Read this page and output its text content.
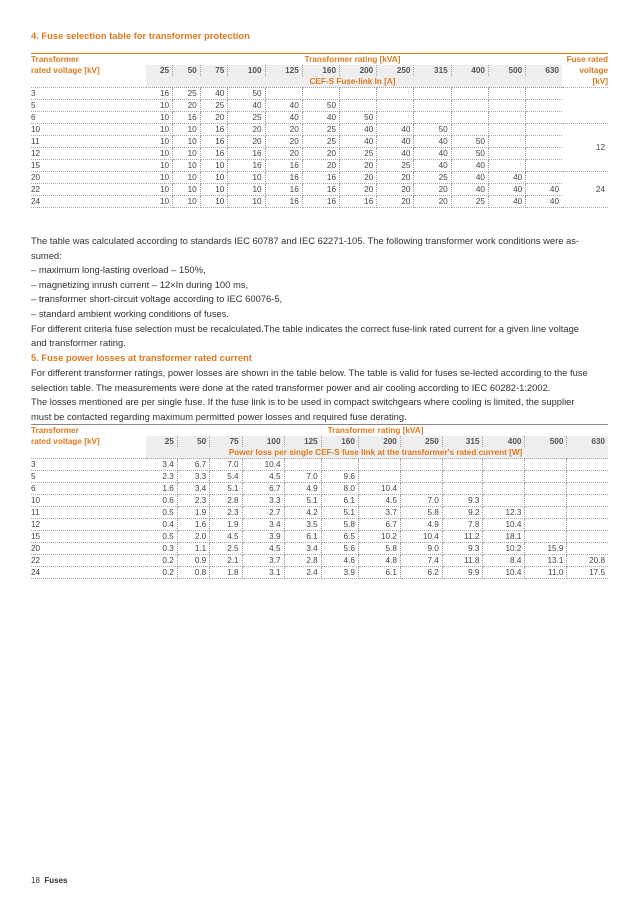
4. Fuse selection table for transformer protection
Transformer	Transformer rating [kVA]												Fuse rated
rated voltage [kV]	25	50	75	100	125	160	200	250	315	400	500	630	voltage
	CEF-S Fuse-link In [A]												[kV]
3	16	25	40	50									
5	10	20	25	40	40	50							
6	10	16	20	25	40	40	50						
10	10	10	16	20	20	25	40	40	50				12
11	10	10	16	20	20	25	40	40	40	50			
12	10	10	16	16	20	20	25	40	40	50			
15	10	10	10	16	16	20	20	25	40	40			
20	10	10	10	10	16	16	20	20	25	40	40		24
22	10	10	10	10	16	16	20	20	20	40	40	40	
24	10	10	10	10	16	16	16	20	20	25	40	40	

The table was calculated according to standards IEC 60787 and IEC 62271-105. The following transformer work conditions were as-

sumed:

– maximum long-lasting overload – 150%,

– magnetizing inrush current – 12×In during 100 ms,

– transformer short-circuit voltage according to IEC 60076-5,

– standard ambient working conditions of fuses.

For different criteria fuse selection must be recalculated.The table indicates the correct fuse-link rated current for a given line voltage

and transformer rating.

5. Fuse power losses at transformer rated current

For different transformer ratings, power losses are shown in the table below. The table is valid for fuses se-lected according to the fuse

selection table. The measurements were done at the rated transformer power and air cooling according to IEC 60282-1:2002.

The losses mentioned are per single fuse. If the fuse link is to be used in compact switchgears where cooling is limited, the supplier

must be contacted regarding maximum permitted power losses and required fuse derating.

Transformer	Transformer rating [kVA]											
rated voltage [kV]	25	50	75	100	125	160	200	250	315	400	500	630
	Power loss per single CEF-S fuse link at the transformer's rated current [W]											
3	3.4	6.7	7.0	10.4								
5	2.3	3.3	5.4	4.5	7.0	9.6						
6	1.6	3.4	5.1	6.7	4.9	8.0	10.4					
10	0.6	2.3	2.8	3.3	5.1	6.1	4.5	7.0	9.3			
11	0.5	1.9	2.3	2.7	4.2	5.1	3.7	5.8	9.2	12.3		
12	0.4	1.6	1.9	3.4	3.5	5.8	6.7	4.9	7.8	10.4		
15	0.5	2.0	4.5	3.9	6.1	6.5	10.2	10.4	11.2	18.1		
20	0.3	1.1	2.5	4.5	3.4	5.6	5.8	9.0	9.3	10.2	15.9	
22	0.2	0.9	2.1	3.7	2.8	4.6	4.8	7.4	11.8	8.4	13.1	20.8
24	0.2	0.8	1.8	3.1	2.4	3.9	6.1	6.2	9.9	10.4	11.0	17.5
18 Fuses
